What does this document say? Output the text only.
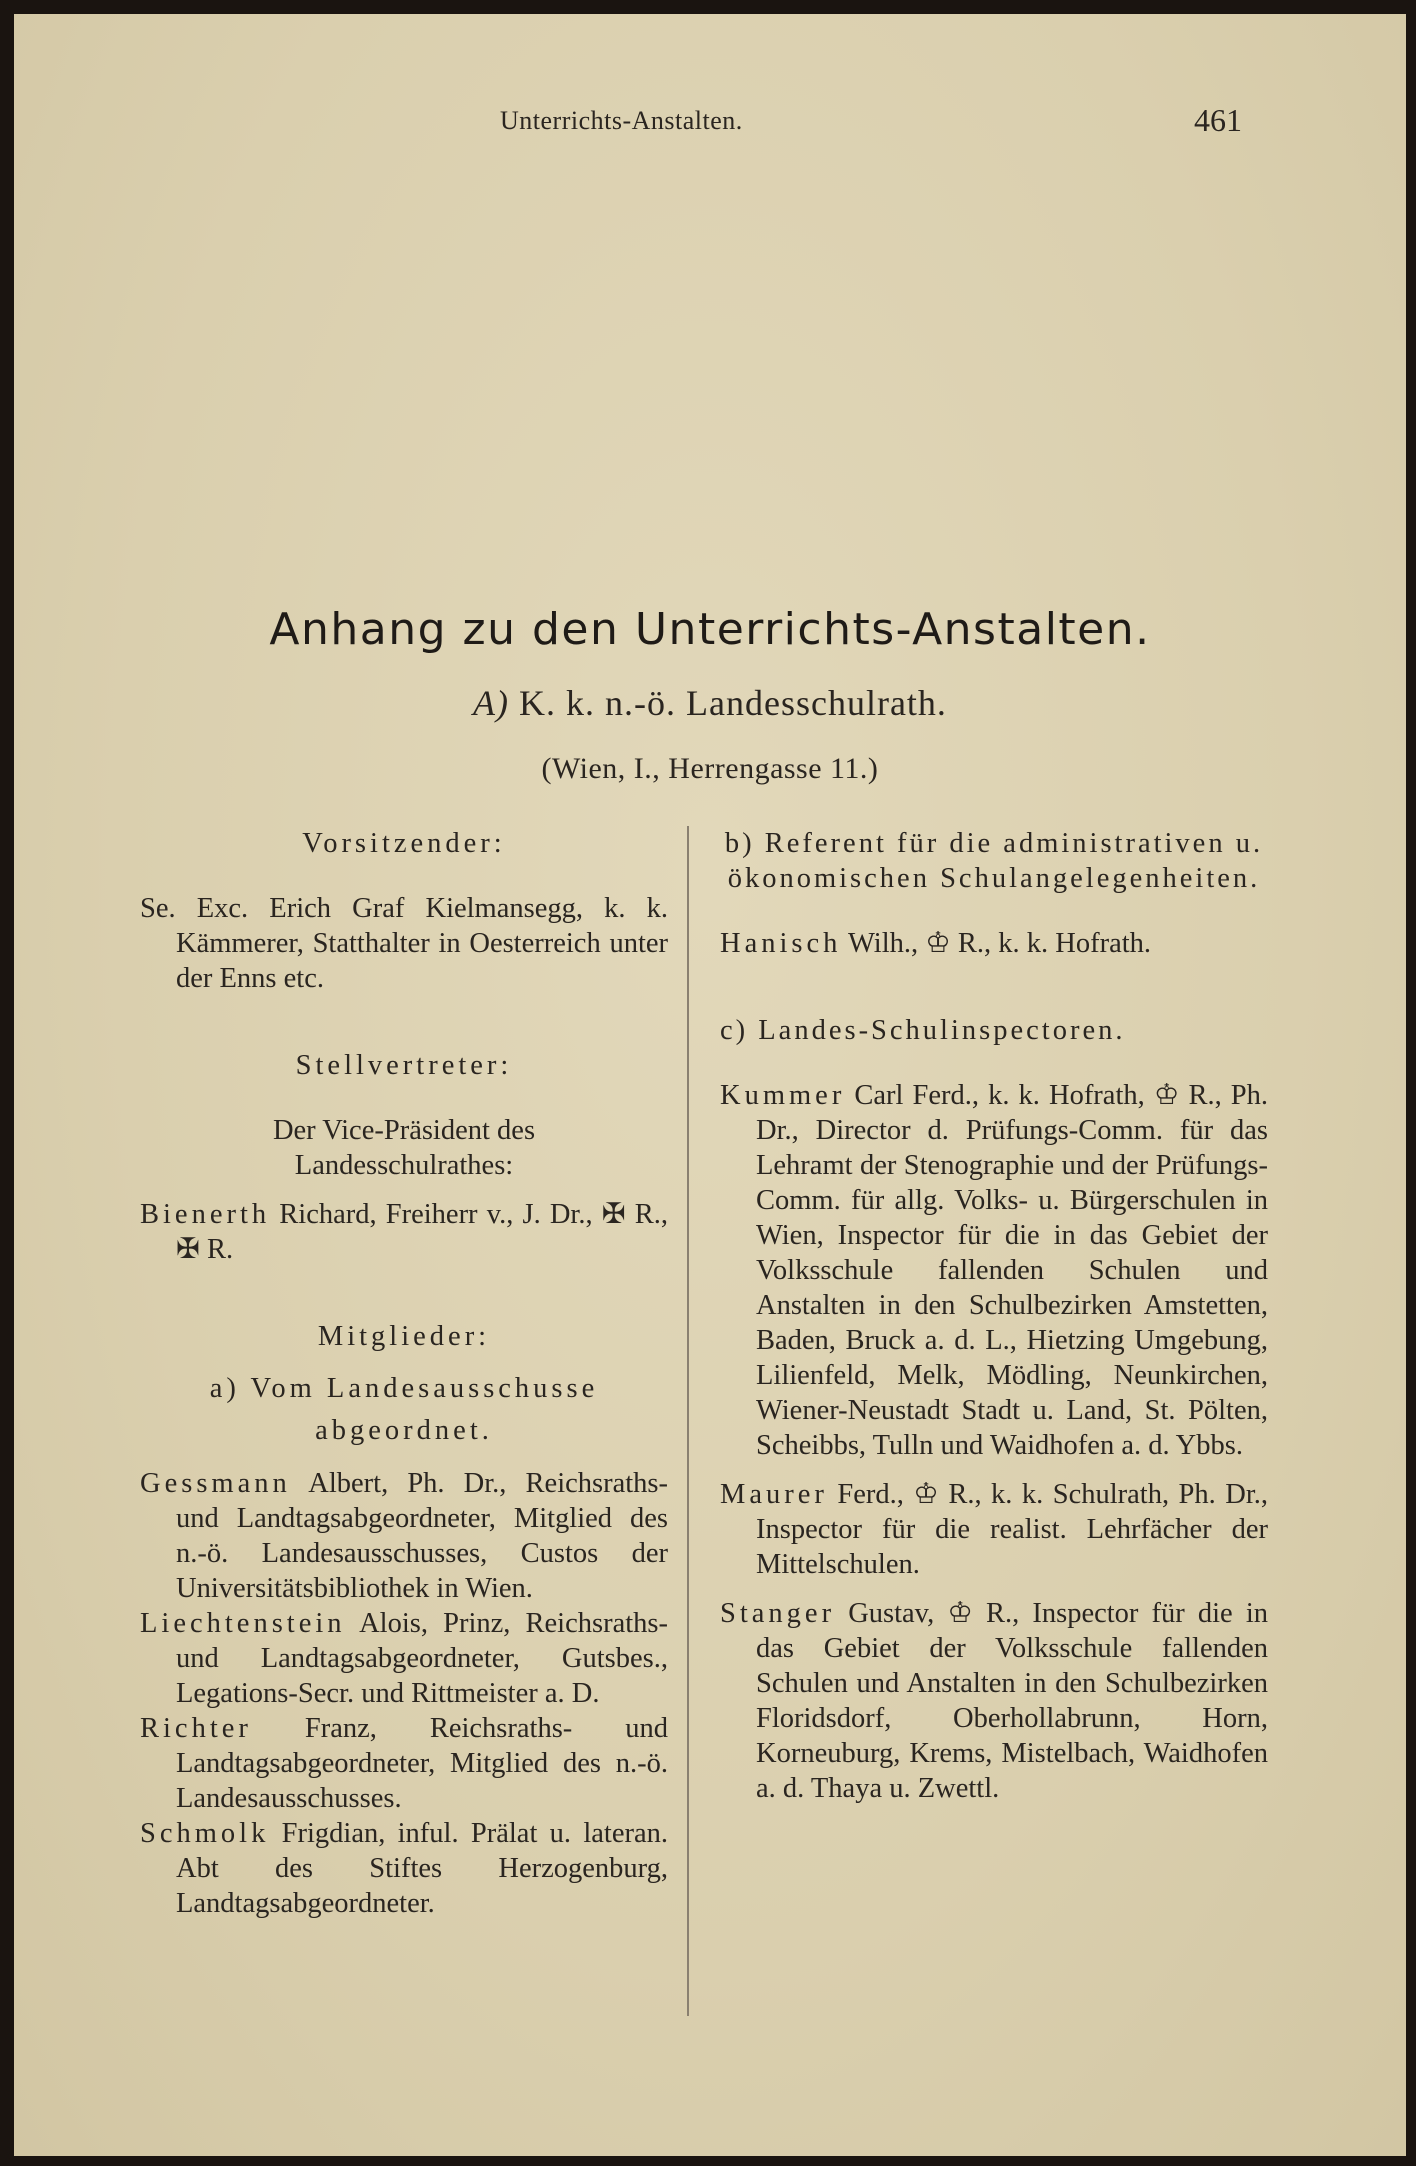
Unterrichts-Anstalten.	461
Anhang zu den Unterrichts-Anstalten.
A) K. k. n.-ö. Landesschulrath.
(Wien, I., Herrengasse 11.)

Vorsitzender:

Se. Exc. Erich Graf Kielmansegg, k. k. Kämmerer, Statthalter in Oesterreich unter der Enns etc.

Stellvertreter:

Der Vice-Präsident des Landesschulrathes:

Bienerth Richard, Freiherr v., J. Dr., ✠ R., ✠ R.

Mitglieder:

a) Vom Landesausschusse abgeordnet.

Gessmann Albert, Ph. Dr., Reichsraths- und Landtagsabgeordneter, Mitglied des n.-ö. Landesausschusses, Custos der Universitätsbibliothek in Wien.

Liechtenstein Alois, Prinz, Reichsraths- und Landtagsabgeordneter, Gutsbes., Legations-Secr. und Rittmeister a. D.

Richter Franz, Reichsraths- und Landtagsabgeordneter, Mitglied des n.-ö. Landesausschusses.

Schmolk Frigdian, inful. Prälat u. lateran. Abt des Stiftes Herzogenburg, Landtagsabgeordneter.

b) Referent für die administrativen u. ökonomischen Schulangelegenheiten.

Hanisch Wilh., ♔ R., k. k. Hofrath.

c) Landes-Schulinspectoren.

Kummer Carl Ferd., k. k. Hofrath, ♔ R., Ph. Dr., Director d. Prüfungs-Comm. für das Lehramt der Stenographie und der Prüfungs-Comm. für allg. Volks- u. Bürgerschulen in Wien, Inspector für die in das Gebiet der Volksschule fallenden Schulen und Anstalten in den Schulbezirken Amstetten, Baden, Bruck a. d. L., Hietzing Umgebung, Lilienfeld, Melk, Mödling, Neunkirchen, Wiener-Neustadt Stadt u. Land, St. Pölten, Scheibbs, Tulln und Waidhofen a. d. Ybbs.

Maurer Ferd., ♔ R., k. k. Schulrath, Ph. Dr., Inspector für die realist. Lehrfächer der Mittelschulen.

Stanger Gustav, ♔ R., Inspector für die in das Gebiet der Volksschule fallenden Schulen und Anstalten in den Schulbezirken Floridsdorf, Oberhollabrunn, Horn, Korneuburg, Krems, Mistelbach, Waidhofen a. d. Thaya u. Zwettl.
